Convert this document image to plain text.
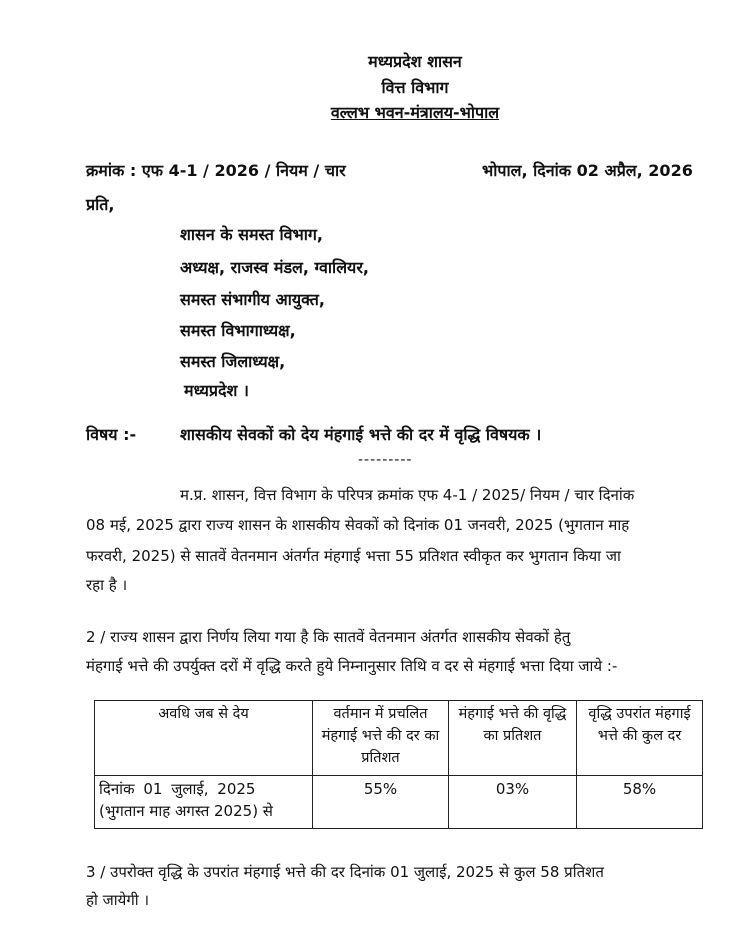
मध्यप्रदेश शासन
वित्त विभाग
वल्लभ भवन-मंत्रालय-भोपाल
क्रमांक : एफ 4-1 / 2026 / नियम / चार	भोपाल, दिनांक 02 अप्रैल, 2026
प्रति,
शासन के समस्त विभाग,
अध्यक्ष, राजस्व मंडल, ग्वालियर,
समस्त संभागीय आयुक्त,
समस्त विभागाध्यक्ष,
समस्त जिलाध्यक्ष,
मध्यप्रदेश ।
विषय :-	शासकीय सेवकों को देय मंहगाई भत्ते की दर में वृद्धि विषयक ।
---------
म.प्र. शासन, वित्त विभाग के परिपत्र क्रमांक एफ 4-1 / 2025/ नियम / चार दिनांक
08 मई, 2025 द्वारा राज्य शासन के शासकीय सेवकों को दिनांक 01 जनवरी, 2025 (भुगतान माह
फरवरी, 2025) से सातवें वेतनमान अंतर्गत मंहगाई भत्ता 55 प्रतिशत स्वीकृत कर भुगतान किया जा
रहा है ।
2 / राज्य शासन द्वारा निर्णय लिया गया है कि सातवें वेतनमान अंतर्गत शासकीय सेवकों हेतु
मंहगाई भत्ते की उपर्युक्त दरों में वृद्धि करते हुये निम्नानुसार तिथि व दर से मंहगाई भत्ता दिया जाये :-
अवधि जब से देय	वर्तमान में प्रचलित मंहगाई भत्ते की दर का प्रतिशत	मंहगाई भत्ते की वृद्धि का प्रतिशत	वृद्धि उपरांत मंहगाई भत्ते की कुल दर

दिनांक 01 जुलाई, 2025
(भुगतान माह अगस्त 2025) से	55%	03%	58%
3 / उपरोक्त वृद्धि के उपरांत मंहगाई भत्ते की दर दिनांक 01 जुलाई, 2025 से कुल 58 प्रतिशत
हो जायेगी ।
